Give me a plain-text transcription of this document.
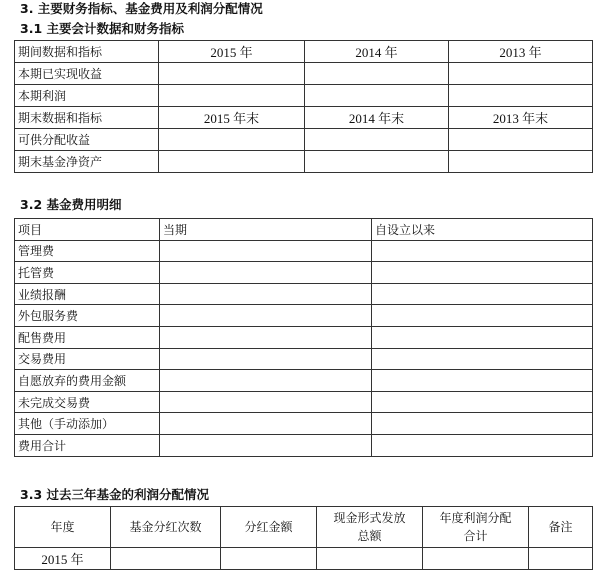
3. 主要财务指标、基金费用及利润分配情况
3.1 主要会计数据和财务指标
期间数据和指标	2015 年	2014 年	2013 年
本期已实现收益			
本期利润			
期末数据和指标	2015 年末	2014 年末	2013 年末
可供分配收益			
期末基金净资产			
3.2 基金费用明细
项目	当期	自设立以来
管理费		
托管费		
业绩报酬		
外包服务费		
配售费用		
交易费用		
自愿放弃的费用金额		
未完成交易费		
其他（手动添加）		
费用合计		
3.3 过去三年基金的利润分配情况
年度	基金分红次数	分红金额	现金形式发放总额	年度利润分配合计	备注
2015 年					
